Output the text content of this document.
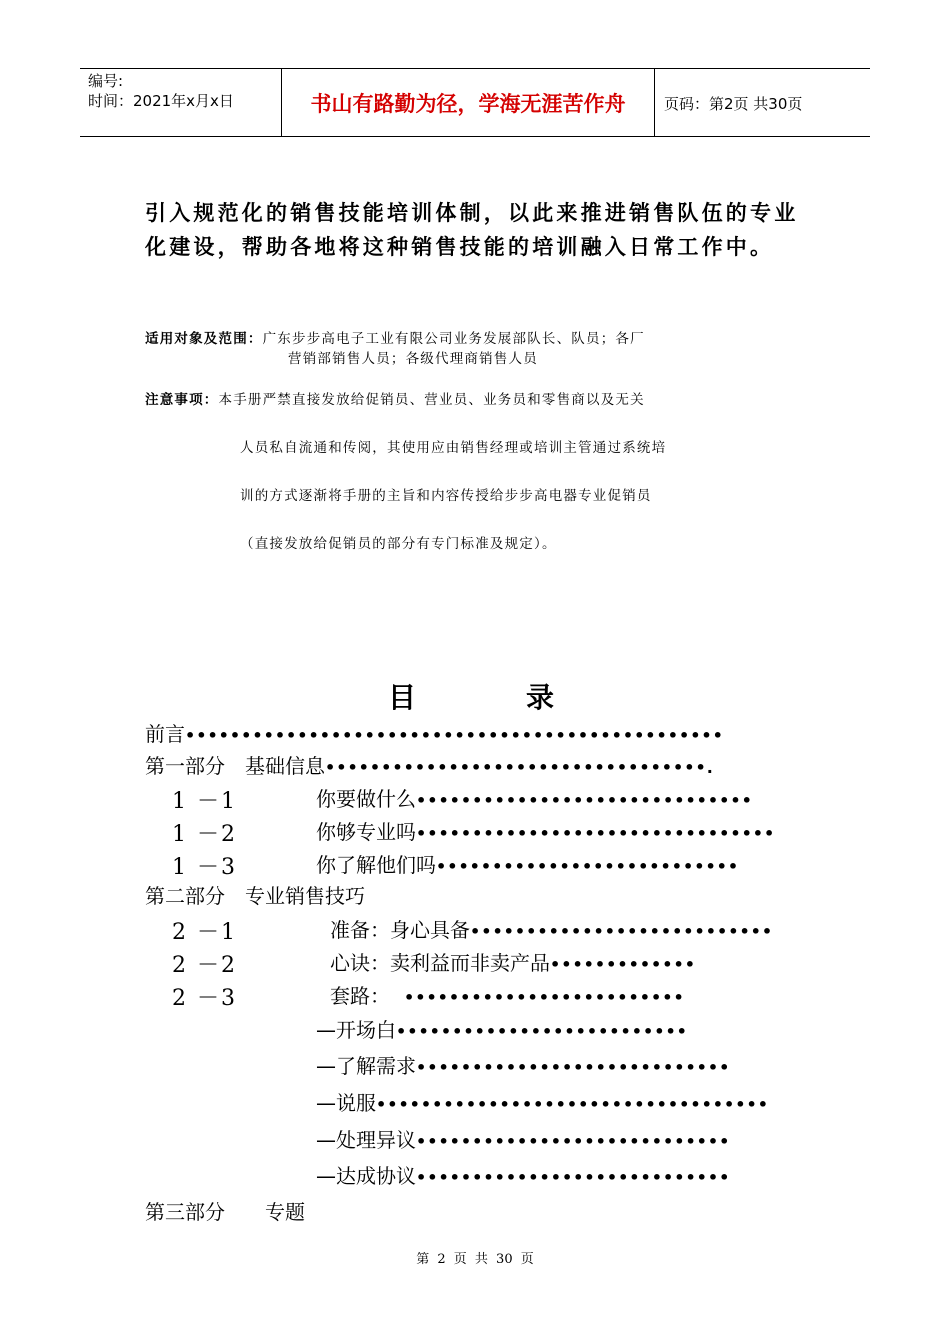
编号:
时间：2021年x月x日	书山有路勤为径，学海无涯苦作舟	页码：第2页 共30页
引入规范化的销售技能培训体制，以此来推进销售队伍的专业化建设，帮助各地将这种销售技能的培训融入日常工作中。
适用对象及范围：广东步步高电子工业有限公司业务发展部队长、队员；各厂
营销部销售人员；各级代理商销售人员
注意事项：本手册严禁直接发放给促销员、营业员、业务员和零售商以及无关
人员私自流通和传阅，其使用应由销售经理或培训主管通过系统培
训的方式逐渐将手册的主旨和内容传授给步步高电器专业促销员
（直接发放给促销员的部分有专门标准及规定）。
目	录
前言••••••••••••••••••••••••••••••••••••••••••••••••
第一部分　基础信息••••••••••••••••••••••••••••••••••.
1 －1	你要做什么••••••••••••••••••••••••••••••
1 －2	你够专业吗••••••••••••••••••••••••••••••••
1 －3	你了解他们吗•••••••••••••••••••••••••••
第二部分　专业销售技巧
2 －1	准备：身心具备•••••••••••••••••••••••••••
2 －2	心诀：卖利益而非卖产品•••••••••••••
2 －3	套路： •••••••••••••••••••••••••
—开场白••••••••••••••••••••••••••
—了解需求••••••••••••••••••••••••••••
—说服•••••••••••••••••••••••••••••••••••
—处理异议••••••••••••••••••••••••••••
—达成协议••••••••••••••••••••••••••••
第三部分　　专题
第 2 页 共 30 页
